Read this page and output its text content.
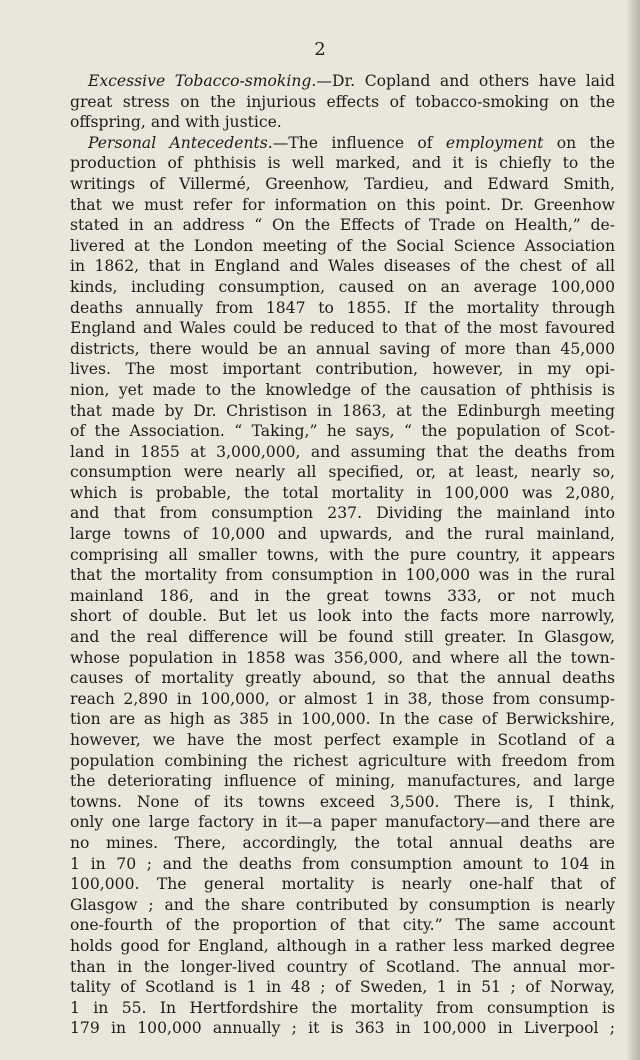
2
Excessive Tobacco-smoking.—Dr. Copland and others have laid
great stress on the injurious effects of tobacco-smoking on the
offspring, and with justice.
Personal Antecedents.—The influence of employment on the
production of phthisis is well marked, and it is chiefly to the
writings of Villermé, Greenhow, Tardieu, and Edward Smith,
that we must refer for information on this point. Dr. Greenhow
stated in an address “ On the Effects of Trade on Health,” de-
livered at the London meeting of the Social Science Association
in 1862, that in England and Wales diseases of the chest of all
kinds, including consumption, caused on an average 100,000
deaths annually from 1847 to 1855. If the mortality through
England and Wales could be reduced to that of the most favoured
districts, there would be an annual saving of more than 45,000
lives. The most important contribution, however, in my opi-
nion, yet made to the knowledge of the causation of phthisis is
that made by Dr. Christison in 1863, at the Edinburgh meeting
of the Association. “ Taking,” he says, “ the population of Scot-
land in 1855 at 3,000,000, and assuming that the deaths from
consumption were nearly all specified, or, at least, nearly so,
which is probable, the total mortality in 100,000 was 2,080,
and that from consumption 237. Dividing the mainland into
large towns of 10,000 and upwards, and the rural mainland,
comprising all smaller towns, with the pure country, it appears
that the mortality from consumption in 100,000 was in the rural
mainland 186, and in the great towns 333, or not much
short of double. But let us look into the facts more narrowly,
and the real difference will be found still greater. In Glasgow,
whose population in 1858 was 356,000, and where all the town-
causes of mortality greatly abound, so that the annual deaths
reach 2,890 in 100,000, or almost 1 in 38, those from consump-
tion are as high as 385 in 100,000. In the case of Berwickshire,
however, we have the most perfect example in Scotland of a
population combining the richest agriculture with freedom from
the deteriorating influence of mining, manufactures, and large
towns. None of its towns exceed 3,500. There is, I think,
only one large factory in it—a paper manufactory—and there are
no mines. There, accordingly, the total annual deaths are
1 in 70 ; and the deaths from consumption amount to 104 in
100,000. The general mortality is nearly one-half that of
Glasgow ; and the share contributed by consumption is nearly
one-fourth of the proportion of that city.” The same account
holds good for England, although in a rather less marked degree
than in the longer-lived country of Scotland. The annual mor-
tality of Scotland is 1 in 48 ; of Sweden, 1 in 51 ; of Norway,
1 in 55. In Hertfordshire the mortality from consumption is
179 in 100,000 annually ; it is 363 in 100,000 in Liverpool ;
